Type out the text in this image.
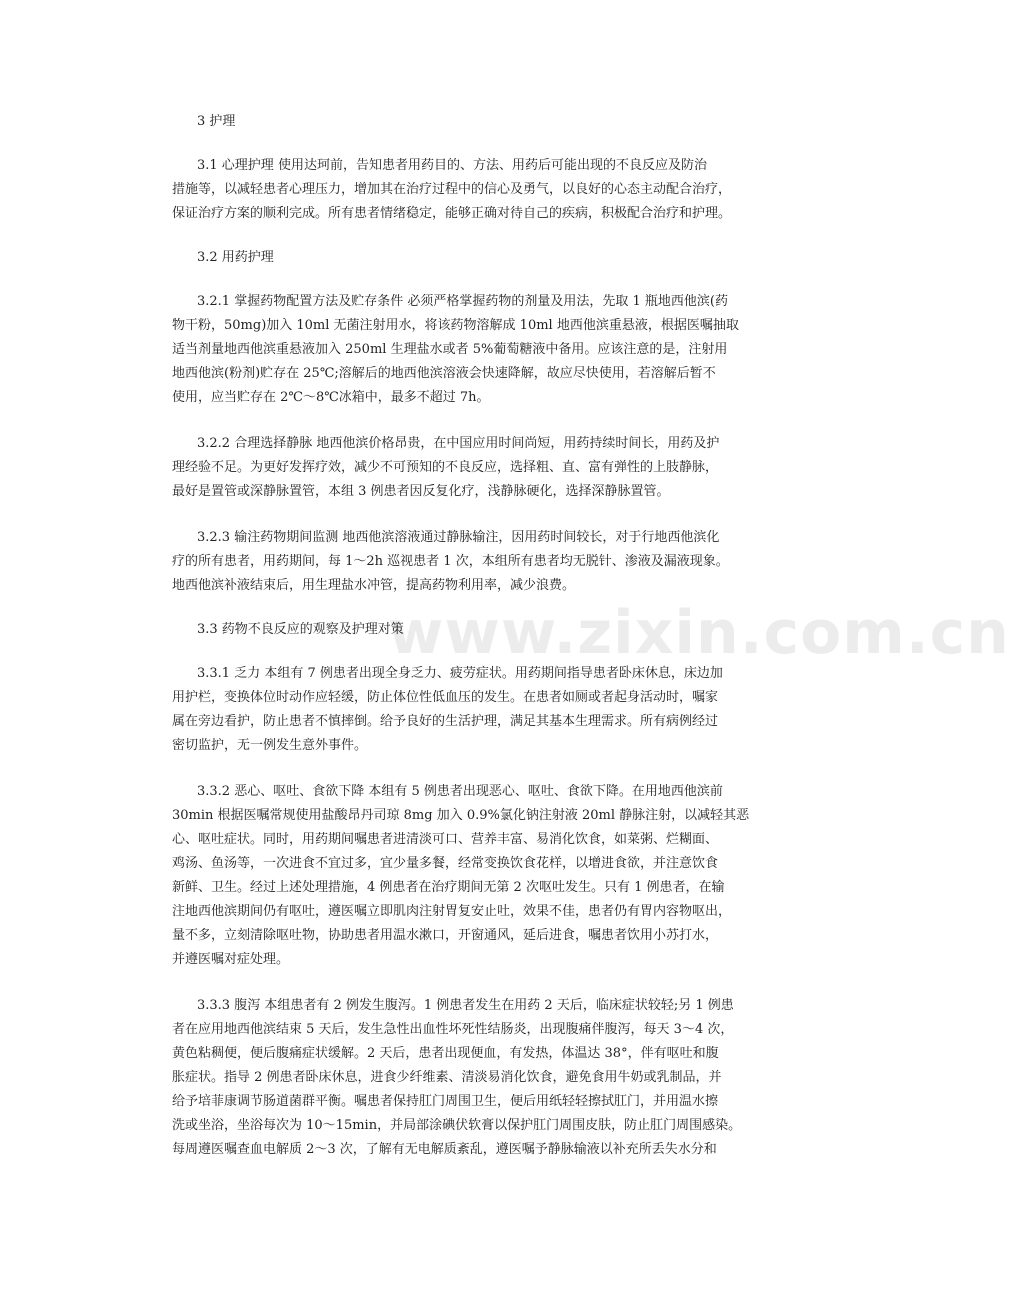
3 护理
3.1 心理护理 使用达珂前，告知患者用药目的、方法、用药后可能出现的不良反应及防治
措施等，以减轻患者心理压力，增加其在治疗过程中的信心及勇气，以良好的心态主动配合治疗，
保证治疗方案的顺利完成。所有患者情绪稳定，能够正确对待自己的疾病，积极配合治疗和护理。
3.2 用药护理
3.2.1 掌握药物配置方法及贮存条件 必须严格掌握药物的剂量及用法，先取 1 瓶地西他滨(药
物干粉，50mg)加入 10ml 无菌注射用水，将该药物溶解成 10ml 地西他滨重悬液，根据医嘱抽取
适当剂量地西他滨重悬液加入 250ml 生理盐水或者 5%葡萄糖液中备用。应该注意的是，注射用
地西他滨(粉剂)贮存在 25℃;溶解后的地西他滨溶液会快速降解，故应尽快使用，若溶解后暂不
使用，应当贮存在 2℃～8℃冰箱中，最多不超过 7h。
3.2.2 合理选择静脉 地西他滨价格昂贵，在中国应用时间尚短，用药持续时间长，用药及护
理经验不足。为更好发挥疗效，减少不可预知的不良反应，选择粗、直、富有弹性的上肢静脉，
最好是置管或深静脉置管，本组 3 例患者因反复化疗，浅静脉硬化，选择深静脉置管。
3.2.3 输注药物期间监测 地西他滨溶液通过静脉输注，因用药时间较长，对于行地西他滨化
疗的所有患者，用药期间，每 1～2h 巡视患者 1 次，本组所有患者均无脱针、渗液及漏液现象。
地西他滨补液结束后，用生理盐水冲管，提高药物利用率，减少浪费。
3.3 药物不良反应的观察及护理对策
3.3.1 乏力 本组有 7 例患者出现全身乏力、疲劳症状。用药期间指导患者卧床休息，床边加
用护栏，变换体位时动作应轻缓，防止体位性低血压的发生。在患者如厕或者起身活动时，嘱家
属在旁边看护，防止患者不慎摔倒。给予良好的生活护理，满足其基本生理需求。所有病例经过
密切监护，无一例发生意外事件。
3.3.2 恶心、呕吐、食欲下降 本组有 5 例患者出现恶心、呕吐、食欲下降。在用地西他滨前
30min 根据医嘱常规使用盐酸昂丹司琼 8mg 加入 0.9%氯化钠注射液 20ml 静脉注射，以减轻其恶
心、呕吐症状。同时，用药期间嘱患者进清淡可口、营养丰富、易消化饮食，如菜粥、烂糊面、
鸡汤、鱼汤等，一次进食不宜过多，宜少量多餐，经常变换饮食花样，以增进食欲，并注意饮食
新鲜、卫生。经过上述处理措施，4 例患者在治疗期间无第 2 次呕吐发生。只有 1 例患者，在输
注地西他滨期间仍有呕吐，遵医嘱立即肌肉注射胃复安止吐，效果不佳，患者仍有胃内容物呕出，
量不多，立刻清除呕吐物，协助患者用温水漱口，开窗通风，延后进食，嘱患者饮用小苏打水，
并遵医嘱对症处理。
3.3.3 腹泻 本组患者有 2 例发生腹泻。1 例患者发生在用药 2 天后，临床症状较轻;另 1 例患
者在应用地西他滨结束 5 天后，发生急性出血性坏死性结肠炎，出现腹痛伴腹泻，每天 3～4 次，
黄色粘稠便，便后腹痛症状缓解。2 天后，患者出现便血，有发热，体温达 38°，伴有呕吐和腹
胀症状。指导 2 例患者卧床休息，进食少纤维素、清淡易消化饮食，避免食用牛奶或乳制品，并
给予培菲康调节肠道菌群平衡。嘱患者保持肛门周围卫生，便后用纸轻轻擦拭肛门，并用温水擦
洗或坐浴，坐浴每次为 10～15min，并局部涂碘伏软膏以保护肛门周围皮肤，防止肛门周围感染。
每周遵医嘱查血电解质 2～3 次，了解有无电解质紊乱，遵医嘱予静脉输液以补充所丢失水分和
www.zixin.com.cn
